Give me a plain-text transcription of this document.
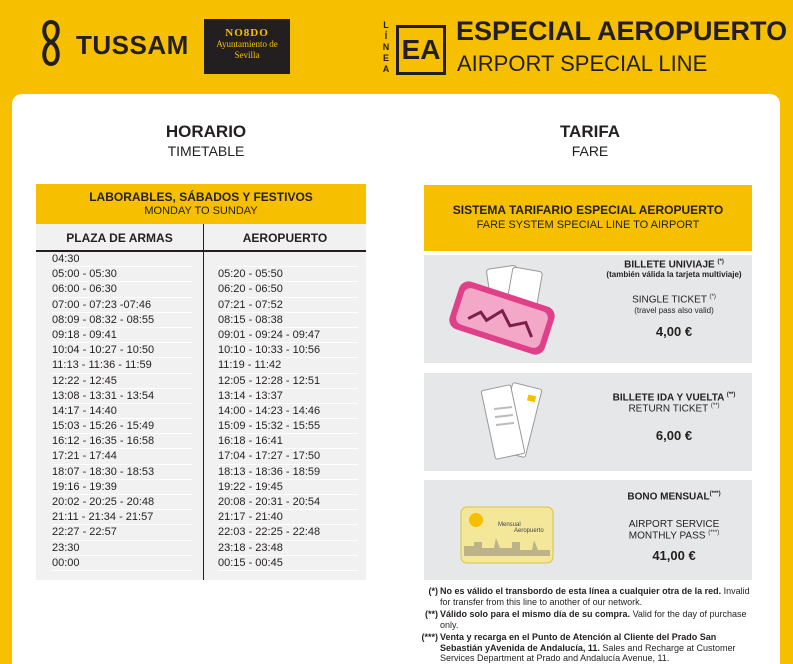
TUSSAM	NO8DO
Ayuntamiento de
Sevilla
L
Í
N
E
A
EA
ESPECIAL AEROPUERTO
AIRPORT SPECIAL LINE
HORARIO
TIMETABLE
TARIFA
FARE
LABORABLES, SÁBADOS Y FESTIVOS
MONDAY TO SUNDAY
PLAZA DE ARMAS	AEROPUERTO
04:30
05:00 - 05:30
06:00 - 06:30
07:00 - 07:23 -07:46
08:09 - 08:32 - 08:55
09:18 - 09:41
10:04 - 10:27 - 10:50
11:13 - 11:36 - 11:59
12:22 - 12:45
13:08 - 13:31 - 13:54
14:17 - 14:40
15:03 - 15:26 - 15:49
16:12 - 16:35 - 16:58
17:21 - 17:44
18:07 - 18:30 - 18:53
19:16 - 19:39
20:02 - 20:25 - 20:48
21:11 - 21:34 - 21:57
22:27 - 22:57
23:30
00:00
05:20 - 05:50
06:20 - 06:50
07:21 - 07:52
08:15 - 08:38
09:01 - 09:24 - 09:47
10:10 - 10:33 - 10:56
11:19 - 11:42
12:05 - 12:28 - 12:51
13:14 - 13:37
14:00 - 14:23 - 14:46
15:09 - 15:32 - 15:55
16:18 - 16:41
17:04 - 17:27 - 17:50
18:13 - 18:36 - 18:59
19:22 - 19:45
20:08 - 20:31 - 20:54
21:17 - 21:40
22:03 - 22:25 - 22:48
23:18 - 23:48
00:15 - 00:45
SISTEMA TARIFARIO ESPECIAL AEROPUERTO
FARE SYSTEM SPECIAL LINE TO AIRPORT
BILLETE UNIVIAJE (*)
(también válida la tarjeta multiviaje)
SINGLE TICKET (*)
(travel pass also valid)
4,00 €
BILLETE IDA Y VUELTA (**)
RETURN TICKET (**)
6,00 €
Mensual
Aeropuerto
BONO MENSUAL(***)
AIRPORT SERVICE
MONTHLY PASS (***)
41,00 €
(*) No es válido el transbordo de esta línea a cualquier otra de la red. Invalid for transfer from this line to another of our network.
(**) Válido solo para el mismo día de su compra. Valid for the day of purchase only.
(***) Venta y recarga en el Punto de Atención al Cliente del Prado San Sebastián yAvenida de Andalucía, 11. Sales and Recharge at Customer Services Department at Prado and Andalucía Avenue, 11.
